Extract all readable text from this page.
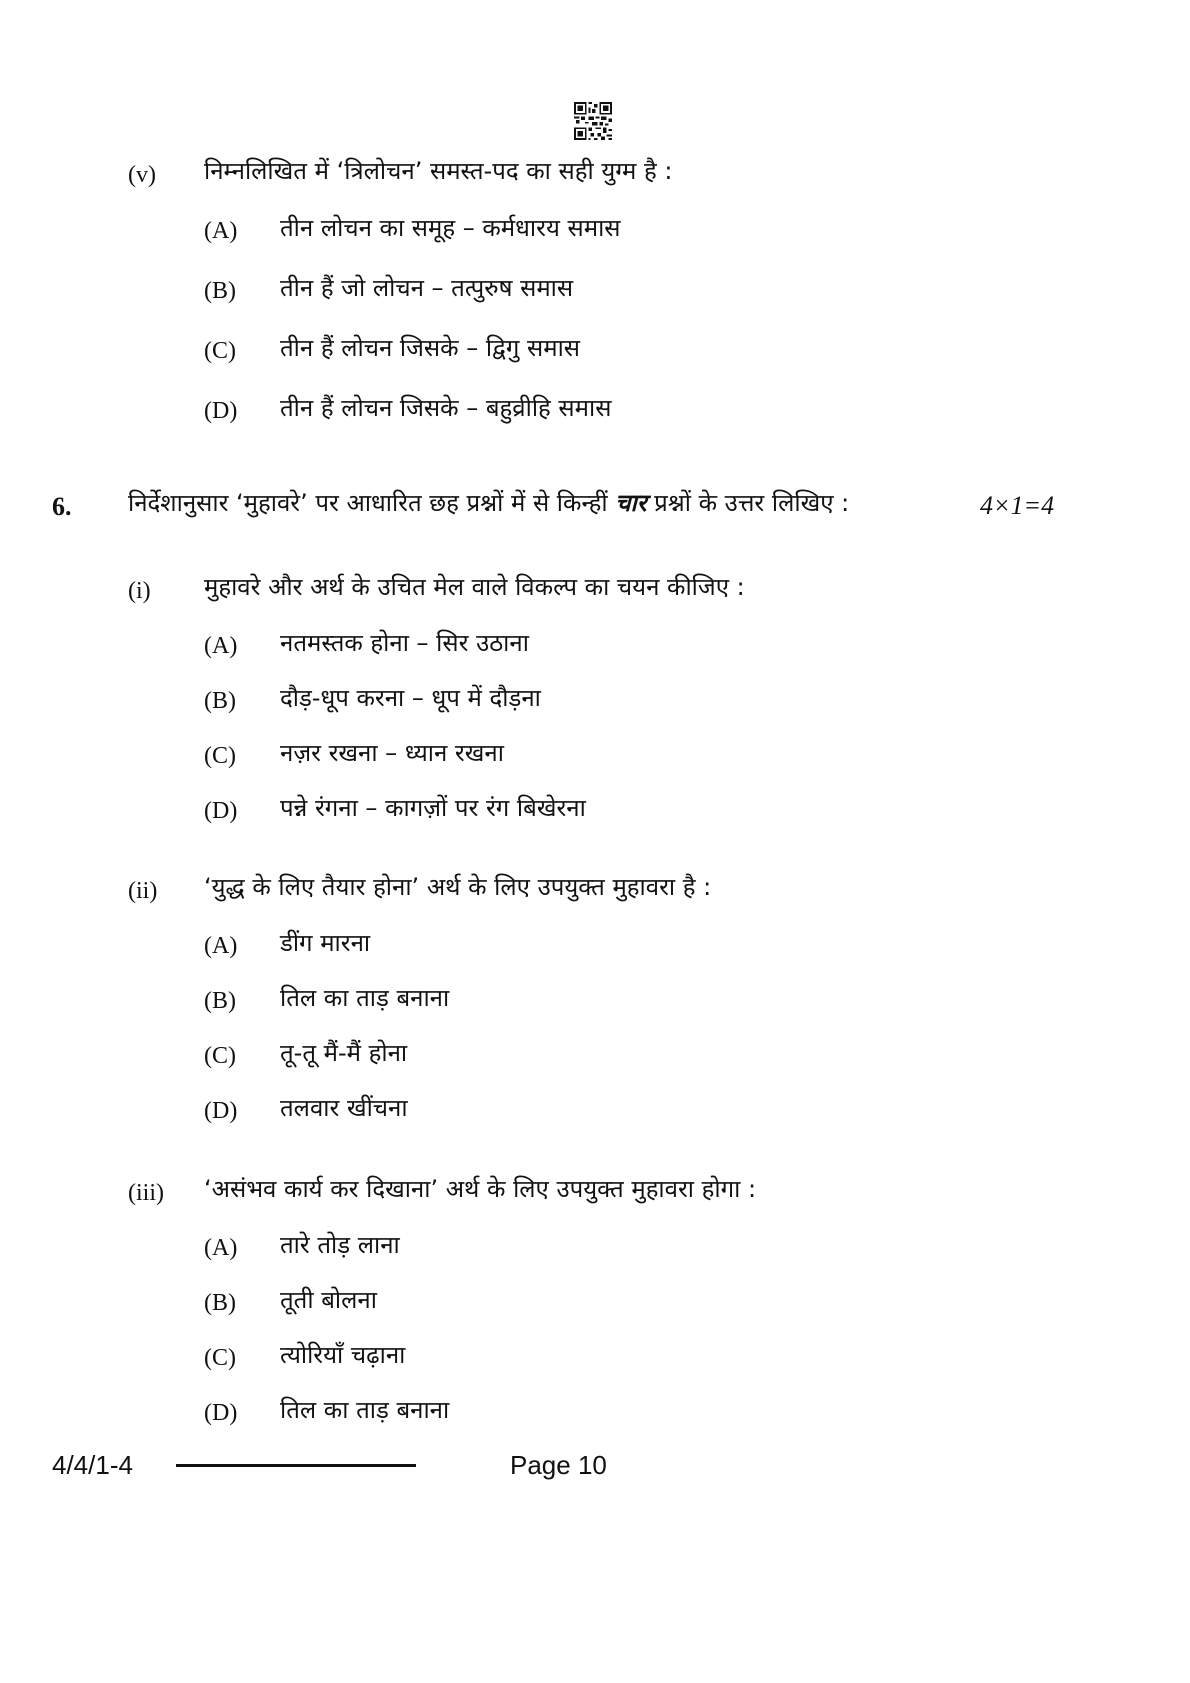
(v) निम्नलिखित में ‘त्रिलोचन’ समस्त-पद का सही युग्म है :
(A) तीन लोचन का समूह – कर्मधारय समास
(B) तीन हैं जो लोचन – तत्पुरुष समास
(C) तीन हैं लोचन जिसके – द्विगु समास
(D) तीन हैं लोचन जिसके – बहुव्रीहि समास
6. निर्देशानुसार ‘मुहावरे’ पर आधारित छह प्रश्नों में से किन्हीं चार प्रश्नों के उत्तर लिखिए :	4×1=4
(i) मुहावरे और अर्थ के उचित मेल वाले विकल्प का चयन कीजिए :
(A) नतमस्तक होना – सिर उठाना
(B) दौड़-धूप करना – धूप में दौड़ना
(C) नज़र रखना – ध्यान रखना
(D) पन्ने रंगना – कागज़ों पर रंग बिखेरना
(ii) ‘युद्ध के लिए तैयार होना’ अर्थ के लिए उपयुक्त मुहावरा है :
(A) डींग मारना
(B) तिल का ताड़ बनाना
(C) तू-तू मैं-मैं होना
(D) तलवार खींचना
(iii) ‘असंभव कार्य कर दिखाना’ अर्थ के लिए उपयुक्त मुहावरा होगा :
(A) तारे तोड़ लाना
(B) तूती बोलना
(C) त्योरियाँ चढ़ाना
(D) तिल का ताड़ बनाना
4/4/1-4	Page 10
